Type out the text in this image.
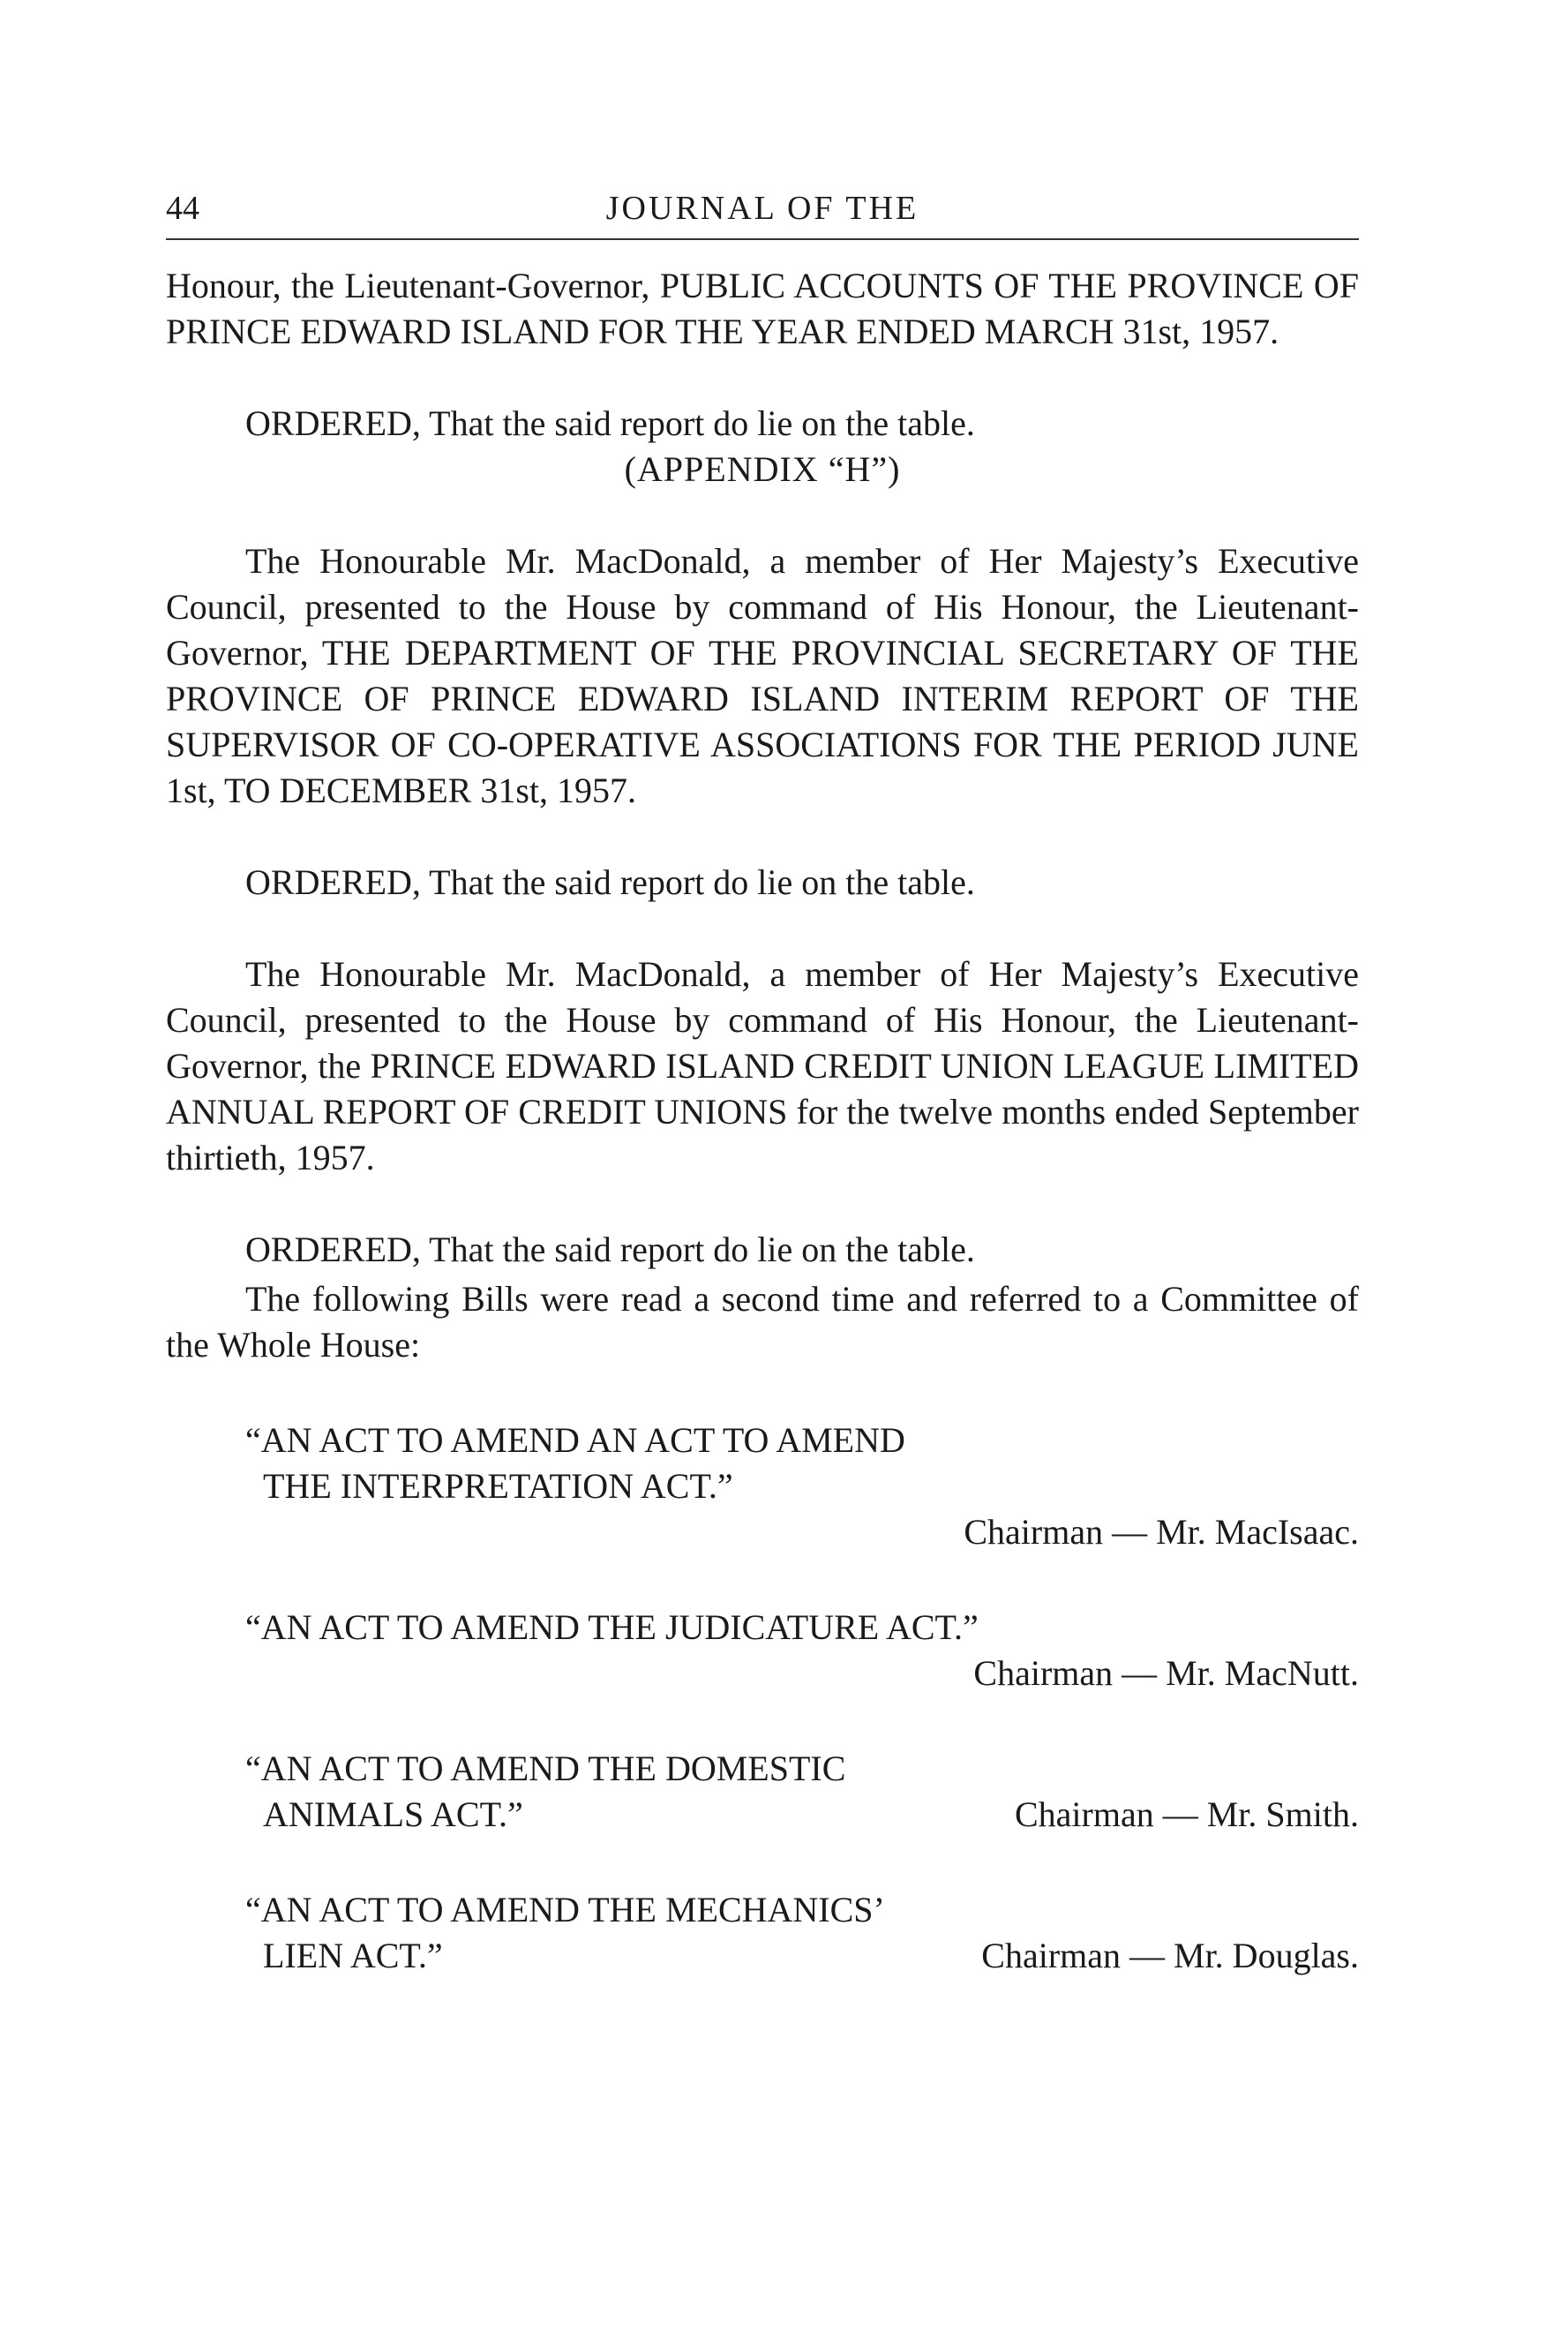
44	JOURNAL OF THE

Honour, the Lieutenant-Governor, PUBLIC ACCOUNTS OF THE PROVINCE OF PRINCE EDWARD ISLAND FOR THE YEAR ENDED MARCH 31st, 1957.

ORDERED, That the said report do lie on the table.

(APPENDIX “H”)

The Honourable Mr. MacDonald, a member of Her Majesty’s Executive Council, presented to the House by command of His Honour, the Lieutenant-Governor, THE DEPARTMENT OF THE PROVINCIAL SECRETARY OF THE PROVINCE OF PRINCE EDWARD ISLAND INTERIM REPORT OF THE SUPERVISOR OF CO-OPERATIVE ASSOCIATIONS FOR THE PERIOD JUNE 1st, TO DECEMBER 31st, 1957.

ORDERED, That the said report do lie on the table.

The Honourable Mr. MacDonald, a member of Her Majesty’s Executive Council, presented to the House by command of His Honour, the Lieutenant-Governor, the PRINCE EDWARD ISLAND CREDIT UNION LEAGUE LIMITED ANNUAL REPORT OF CREDIT UNIONS for the twelve months ended September thirtieth, 1957.

ORDERED, That the said report do lie on the table.

The following Bills were read a second time and referred to a Committee of the Whole House:

“AN ACT TO AMEND AN ACT TO AMEND
THE INTERPRETATION ACT.”
Chairman — Mr. MacIsaac.
“AN ACT TO AMEND THE JUDICATURE ACT.”
Chairman — Mr. MacNutt.
“AN ACT TO AMEND THE DOMESTIC
ANIMALS ACT.”	Chairman — Mr. Smith.
“AN ACT TO AMEND THE MECHANICS’
LIEN ACT.”	Chairman — Mr. Douglas.
